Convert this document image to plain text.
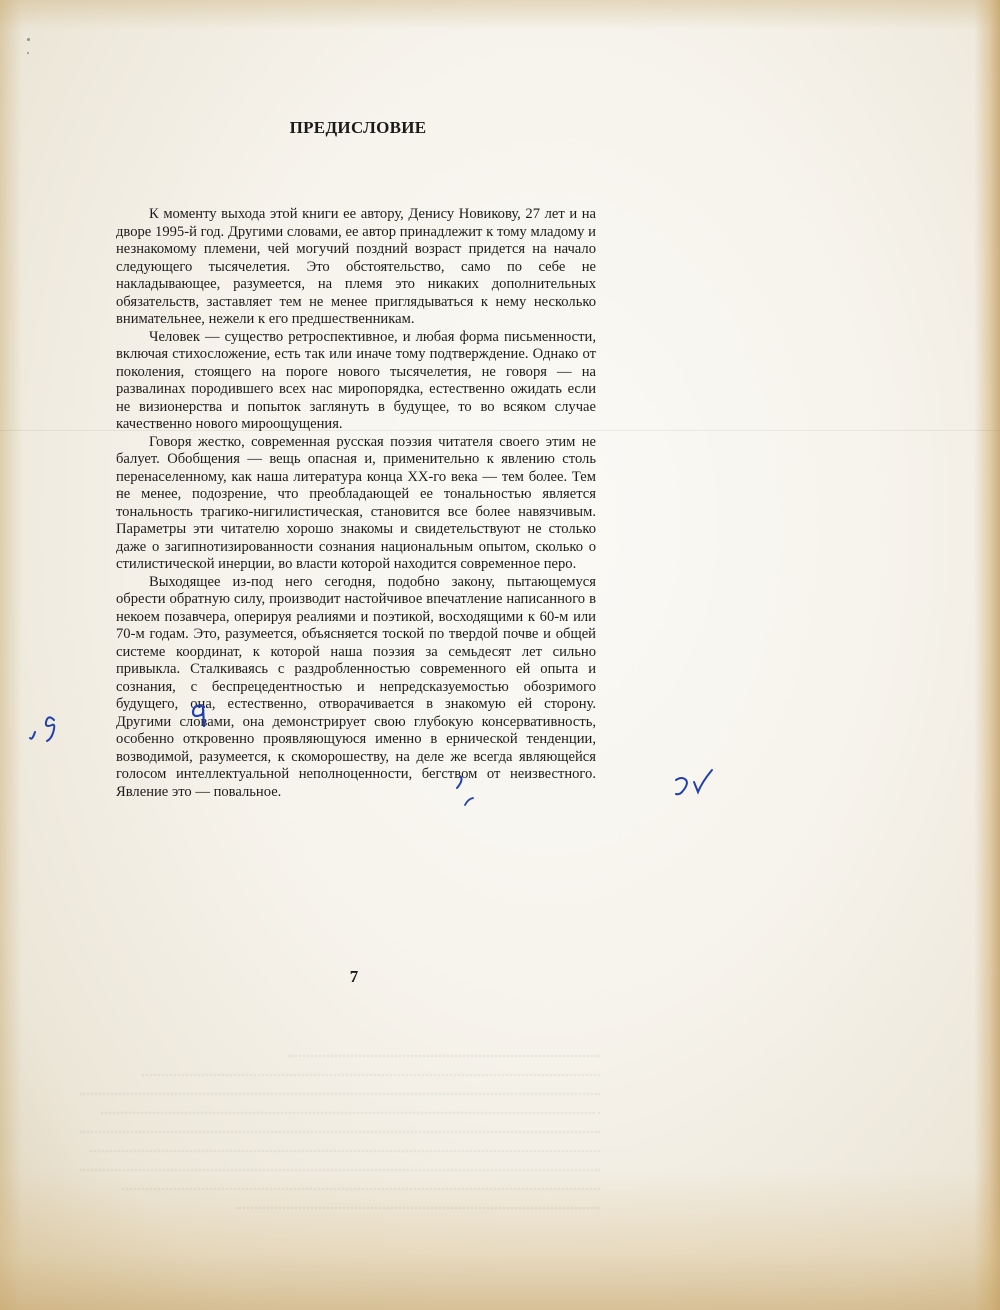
ПРЕДИСЛОВИЕ

К моменту выхода этой книги ее автору, Денису Новикову, 27 лет и на дворе 1995-й год. Другими словами, ее автор принадлежит к тому младому и незнакомому племени, чей могучий поздний возраст придется на начало следующего тысячелетия. Это обстоятельство, само по себе не накладывающее, разумеется, на племя это никаких дополнительных обязательств, заставляет тем не менее приглядываться к нему несколько внимательнее, нежели к его предшественникам.

Человек — существо ретроспективное, и любая форма письменности, включая стихосложение, есть так или иначе тому подтверждение. Однако от поколения, стоящего на пороге нового тысячелетия, не говоря — на развалинах породившего всех нас миропорядка, естественно ожидать если не визионерства и попыток заглянуть в будущее, то во всяком случае качественно нового мироощущения.

Говоря жестко, современная русская поэзия читателя своего этим не балует. Обобщения — вещь опасная и, применительно к явлению столь перенаселенному, как наша литература конца XX-го века — тем более. Тем не менее, подозрение, что преобладающей ее тональностью является тональность трагико-нигилистическая, становится все более навязчивым. Параметры эти читателю хорошо знакомы и свидетельствуют не столько даже о загипнотизированности сознания национальным опытом, сколько о стилистической инерции, во власти которой находится современное перо.

Выходящее из-под него сегодня, подобно закону, пытающемуся обрести обратную силу, производит настойчивое впечатление написанного в некоем позавчера, оперируя реалиями и поэтикой, восходящими к 60-м или 70-м годам. Это, разумеется, объясняется тоской по твердой почве и общей системе координат, к которой наша поэзия за семьдесят лет сильно привыкла. Сталкиваясь с раздробленностью современного ей опыта и сознания, с беспрецедентностью и непредсказуемостью обозримого будущего, она, естественно, отворачивается в знакомую ей сторону. Другими словами, она демонстрирует свою глубокую консервативность, особенно откровенно проявляющуюся именно в ернической тенденции, возводимой, разумеется, к скоморошеству, на деле же всегда являющейся голосом интеллектуальной неполноценности, бегством от неизвестного. Явление это — повальное.

7
